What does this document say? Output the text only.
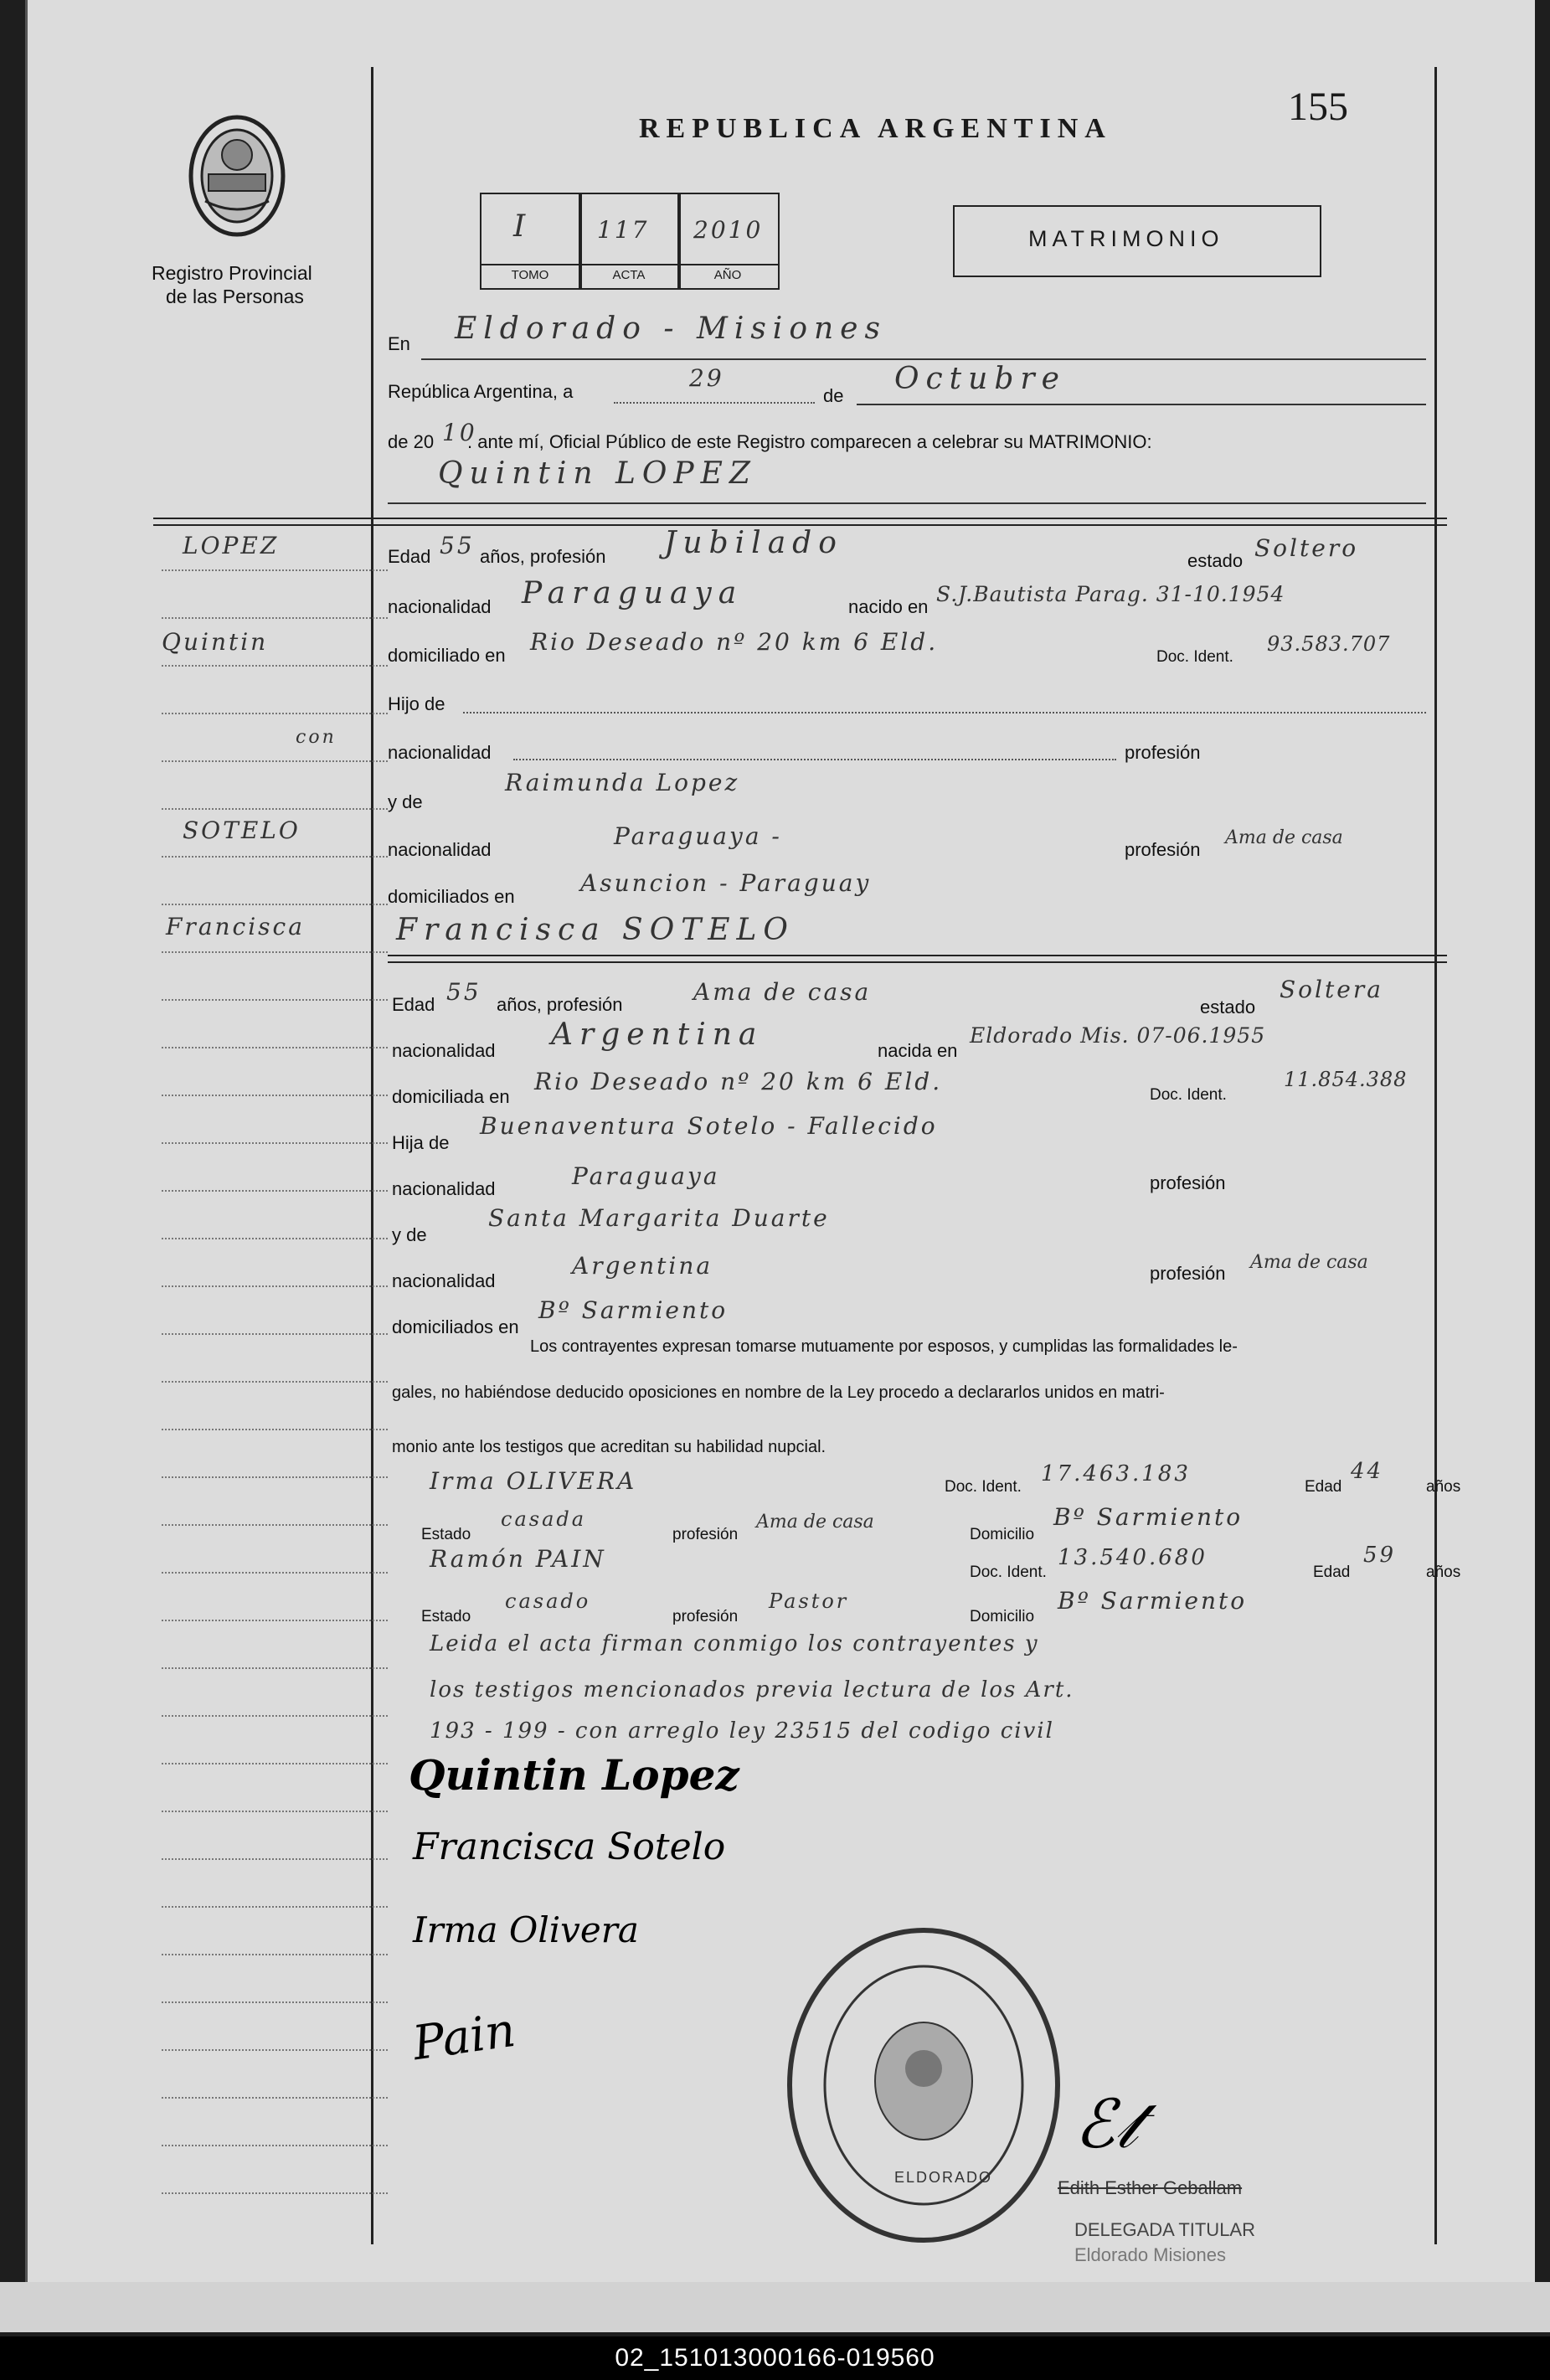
Registro Provincial
de las Personas
REPUBLICA ARGENTINA	155
I	117 2010
TOMO	ACTA	AÑO
MATRIMONIO
En Eldorado - Misiones
República Argentina, a	29
de Octubre
de 20 10
. ante mí, Oficial Público de este Registro comparecen a celebrar su MATRIMONIO:
Quintin LOPEZ
LOPEZ
Quintin
con
SOTELO
Francisca
Edad 55 años, profesión Jubilado
estado Soltero
nacionalidad Paraguaya	nacido en
S.J.Bautista Parag. 31-10.1954
domiciliado en Rio Deseado nº 20 km 6 Eld.
Doc. Ident.
93.583.707
Hijo de
nacionalidad	profesión
y de
Raimunda Lopez
nacionalidad	Paraguaya -	profesión
Ama de casa
domiciliados en	Asuncion - Paraguay
Francisca SOTELO
Edad 55 años, profesión	Ama de casa
estado
Soltera
nacionalidad Argentina	nacida en
Eldorado Mis. 07-06.1955
domiciliada en
Rio Deseado nº 20 km 6 Eld.	Doc. Ident.
11.854.388
Hija de
Buenaventura Sotelo - Fallecido
nacionalidad	Paraguaya	profesión
y de
Santa Margarita Duarte
nacionalidad
Argentina	profesión
Ama de casa
domiciliados en
Bº Sarmiento
Los contrayentes expresan tomarse mutuamente por esposos, y cumplidas las formalidades le-
gales, no habiéndose deducido oposiciones en nombre de la Ley procedo a declararlos unidos en matri-
monio ante los testigos que acreditan su habilidad nupcial.
Irma OLIVERA	Doc. Ident.
17.463.183
Edad
44
años
Estado
casada
profesión
Ama de casa
Domicilio
Bº Sarmiento
Ramón PAIN	Doc. Ident.
13.540.680
Edad
59
años
Estado
casado
profesión
Pastor
Domicilio
Bº Sarmiento
Leida el acta firman conmigo los contrayentes y
los testigos mencionados previa lectura de los Art.
193 - 199 - con arreglo ley 23515 del codigo civil
Quintin Lopez
Francisca Sotelo
Irma Olivera
Pain
ELDORADO
ℰ𝓉
Edith Esther Geballam
DELEGADA TITULAR
Eldorado Misiones
02_151013000166-019560
